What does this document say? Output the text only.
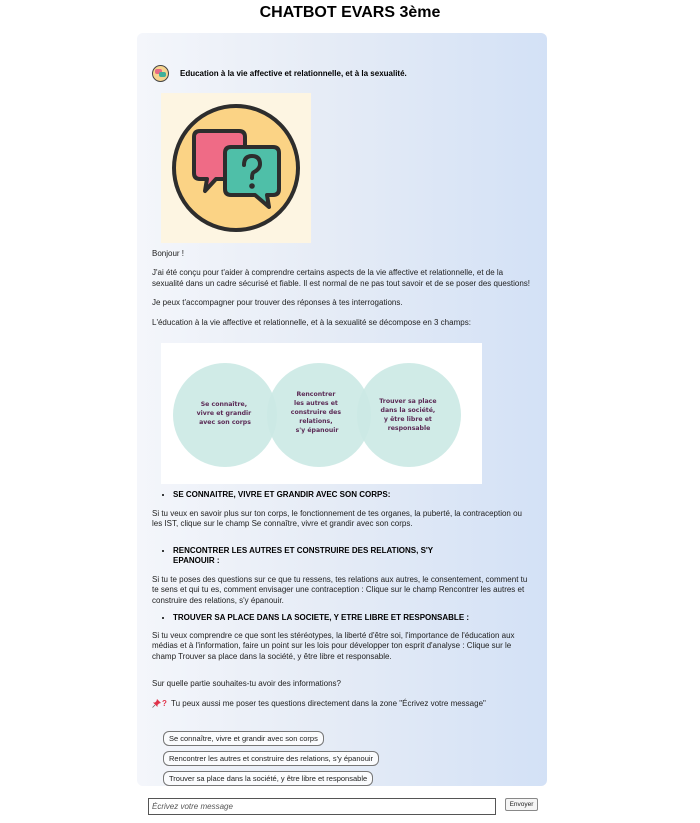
CHATBOT EVARS 3ème
Education à la vie affective et relationnelle, et à la sexualité.

Bonjour !

J'ai été conçu pour t'aider à comprendre certains aspects de la vie affective et relationnelle, et de la sexualité dans un cadre sécurisé et fiable. Il est normal de ne pas tout savoir et de se poser des questions!

Je peux t'accompagner pour trouver des réponses à tes interrogations.

L'éducation à la vie affective et relationnelle, et à la sexualité se décompose en 3 champs:

Se connaître, vivre et grandir avec son corps
Rencontrer les autres et construire des relations, s'y épanouir
Trouver sa place dans la société, y être libre et responsable
• SE CONNAITRE, VIVRE ET GRANDIR AVEC SON CORPS:

Si tu veux en savoir plus sur ton corps, le fonctionnement de tes organes, la puberté, la contraception ou les IST, clique sur le champ Se connaître, vivre et grandir avec son corps.

• RENCONTRER LES AUTRES ET CONSTRUIRE DES RELATIONS, S'Y EPANOUIR :

Si tu te poses des questions sur ce que tu ressens, tes relations aux autres, le consentement, comment tu te sens et qui tu es, comment envisager une contraception : Clique sur le champ Rencontrer les autres et construire des relations, s'y épanouir.

• TROUVER SA PLACE DANS LA SOCIETE, Y ETRE LIBRE ET RESPONSABLE :

Si tu veux comprendre ce que sont les stéréotypes, la liberté d'être soi, l'importance de l'éducation aux médias et à l'information, faire un point sur les lois pour développer ton esprit d'analyse : Clique sur le champ Trouver sa place dans la société, y être libre et responsable.

Sur quelle partie souhaites-tu avoir des informations?

? Tu peux aussi me poser tes questions directement dans la zone "Écrivez votre message"

Se connaître, vivre et grandir avec son corps
Rencontrer les autres et construire des relations, s'y épanouir
Trouver sa place dans la société, y être libre et responsable
Écrivez votre message
Envoyer
